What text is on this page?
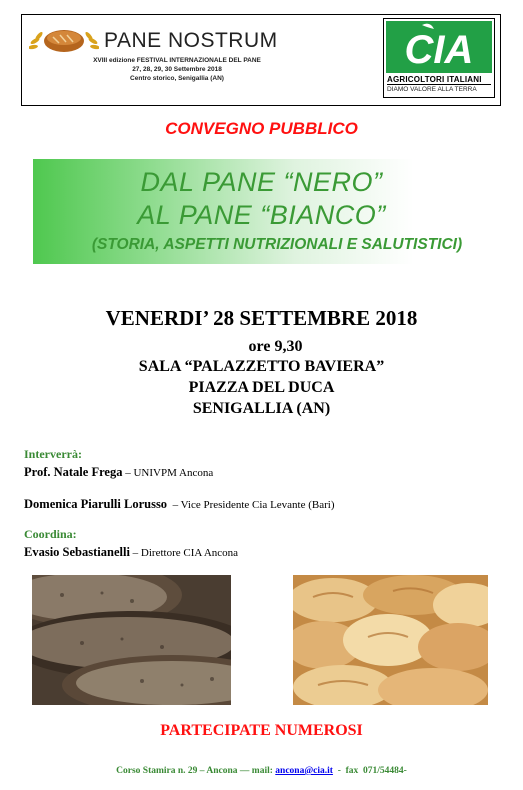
PANE NOSTRUM
XVIII edizione FESTIVAL INTERNAZIONALE DEL PANE
27, 28, 29, 30 Settembre 2018
Centro storico, Senigallia (AN)
CIA
AGRICOLTORI ITALIANI
DIAMO VALORE ALLA TERRA
CONVEGNO PUBBLICO
DAL PANE “NERO”
AL PANE “BIANCO”
(STORIA, ASPETTI NUTRIZIONALI E SALUTISTICI)
VENERDI’ 28 SETTEMBRE 2018
ore 9,30
SALA “PALAZZETTO BAVIERA”
PIAZZA DEL DUCA
SENIGALLIA (AN)
Interverrà:
Prof. Natale Frega – UNIVPM Ancona
Domenica Piarulli Lorusso  – Vice Presidente Cia Levante (Bari)
Coordina:
Evasio Sebastianelli – Direttore CIA Ancona
PARTECIPATE NUMEROSI
Corso Stamira n. 29 – Ancona — mail: ancona@cia.it  -  fax  071/54484-
